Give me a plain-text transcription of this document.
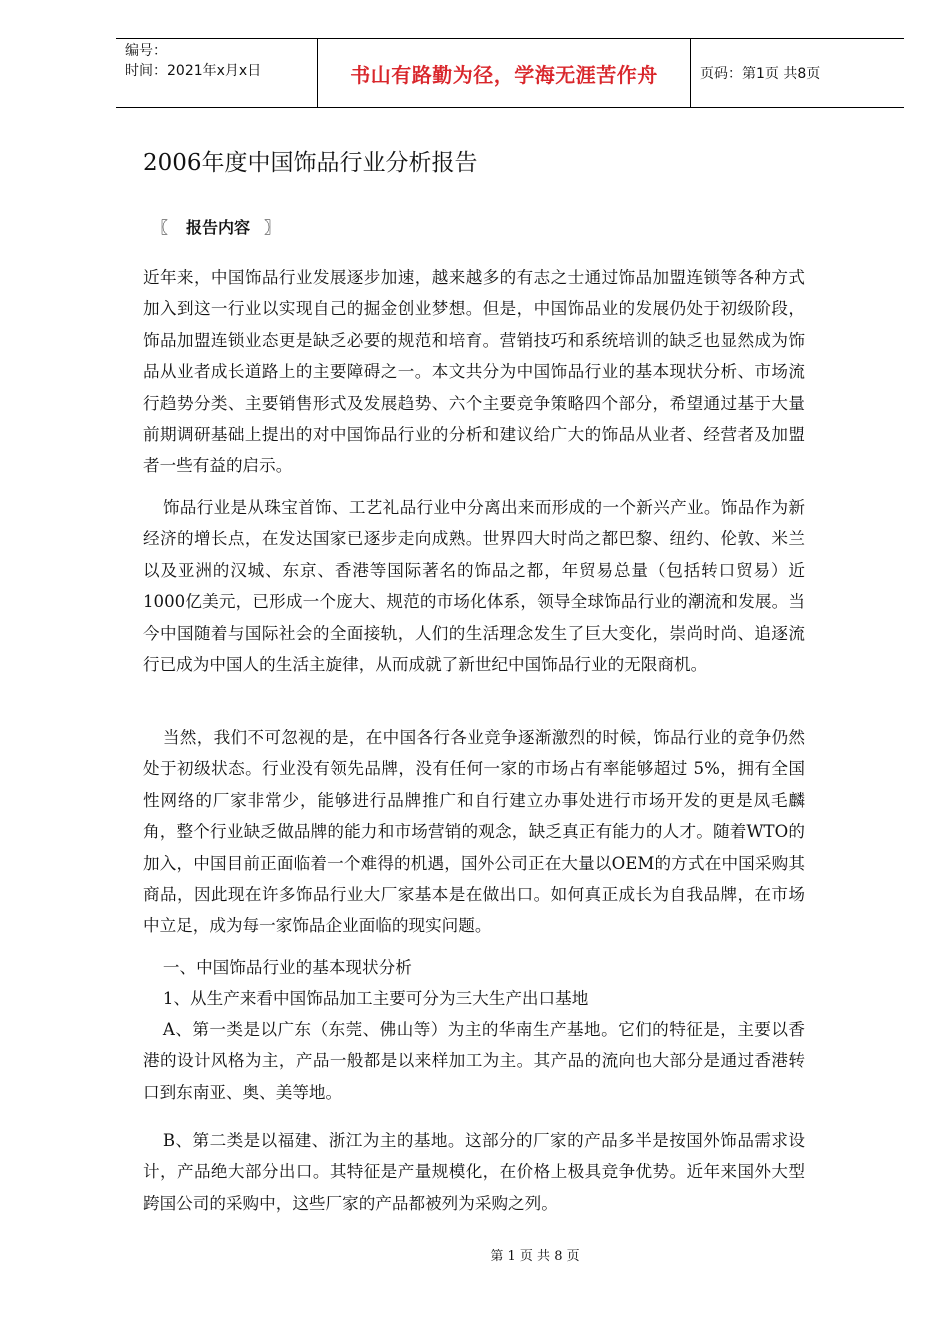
编号：
时间：2021年x月x日	书山有路勤为径，学海无涯苦作舟	页码：第1页 共8页
2006年度中国饰品行业分析报告
〖 报告内容 〗

近年来，中国饰品行业发展逐步加速，越来越多的有志之士通过饰品加盟连锁等各种方式加入到这一行业以实现自己的掘金创业梦想。但是，中国饰品业的发展仍处于初级阶段，饰品加盟连锁业态更是缺乏必要的规范和培育。营销技巧和系统培训的缺乏也显然成为饰品从业者成长道路上的主要障碍之一。本文共分为中国饰品行业的基本现状分析、市场流行趋势分类、主要销售形式及发展趋势、六个主要竞争策略四个部分，希望通过基于大量前期调研基础上提出的对中国饰品行业的分析和建议给广大的饰品从业者、经营者及加盟者一些有益的启示。

饰品行业是从珠宝首饰、工艺礼品行业中分离出来而形成的一个新兴产业。饰品作为新经济的增长点，在发达国家已逐步走向成熟。世界四大时尚之都巴黎、纽约、伦敦、米兰以及亚洲的汉城、东京、香港等国际著名的饰品之都，年贸易总量（包括转口贸易）近1000亿美元，已形成一个庞大、规范的市场化体系，领导全球饰品行业的潮流和发展。当今中国随着与国际社会的全面接轨，人们的生活理念发生了巨大变化，崇尚时尚、追逐流行已成为中国人的生活主旋律，从而成就了新世纪中国饰品行业的无限商机。

当然，我们不可忽视的是，在中国各行各业竞争逐渐激烈的时候，饰品行业的竞争仍然处于初级状态。行业没有领先品牌，没有任何一家的市场占有率能够超过 5%，拥有全国性网络的厂家非常少，能够进行品牌推广和自行建立办事处进行市场开发的更是凤毛麟角，整个行业缺乏做品牌的能力和市场营销的观念，缺乏真正有能力的人才。随着WTO的加入，中国目前正面临着一个难得的机遇，国外公司正在大量以OEM的方式在中国采购其商品，因此现在许多饰品行业大厂家基本是在做出口。如何真正成长为自我品牌，在市场中立足，成为每一家饰品企业面临的现实问题。

一、中国饰品行业的基本现状分析

1、从生产来看中国饰品加工主要可分为三大生产出口基地

A、第一类是以广东（东莞、佛山等）为主的华南生产基地。它们的特征是，主要以香港的设计风格为主，产品一般都是以来样加工为主。其产品的流向也大部分是通过香港转口到东南亚、奥、美等地。

B、第二类是以福建、浙江为主的基地。这部分的厂家的产品多半是按国外饰品需求设计，产品绝大部分出口。其特征是产量规模化，在价格上极具竞争优势。近年来国外大型跨国公司的采购中，这些厂家的产品都被列为采购之列。

第 1 页 共 8 页
